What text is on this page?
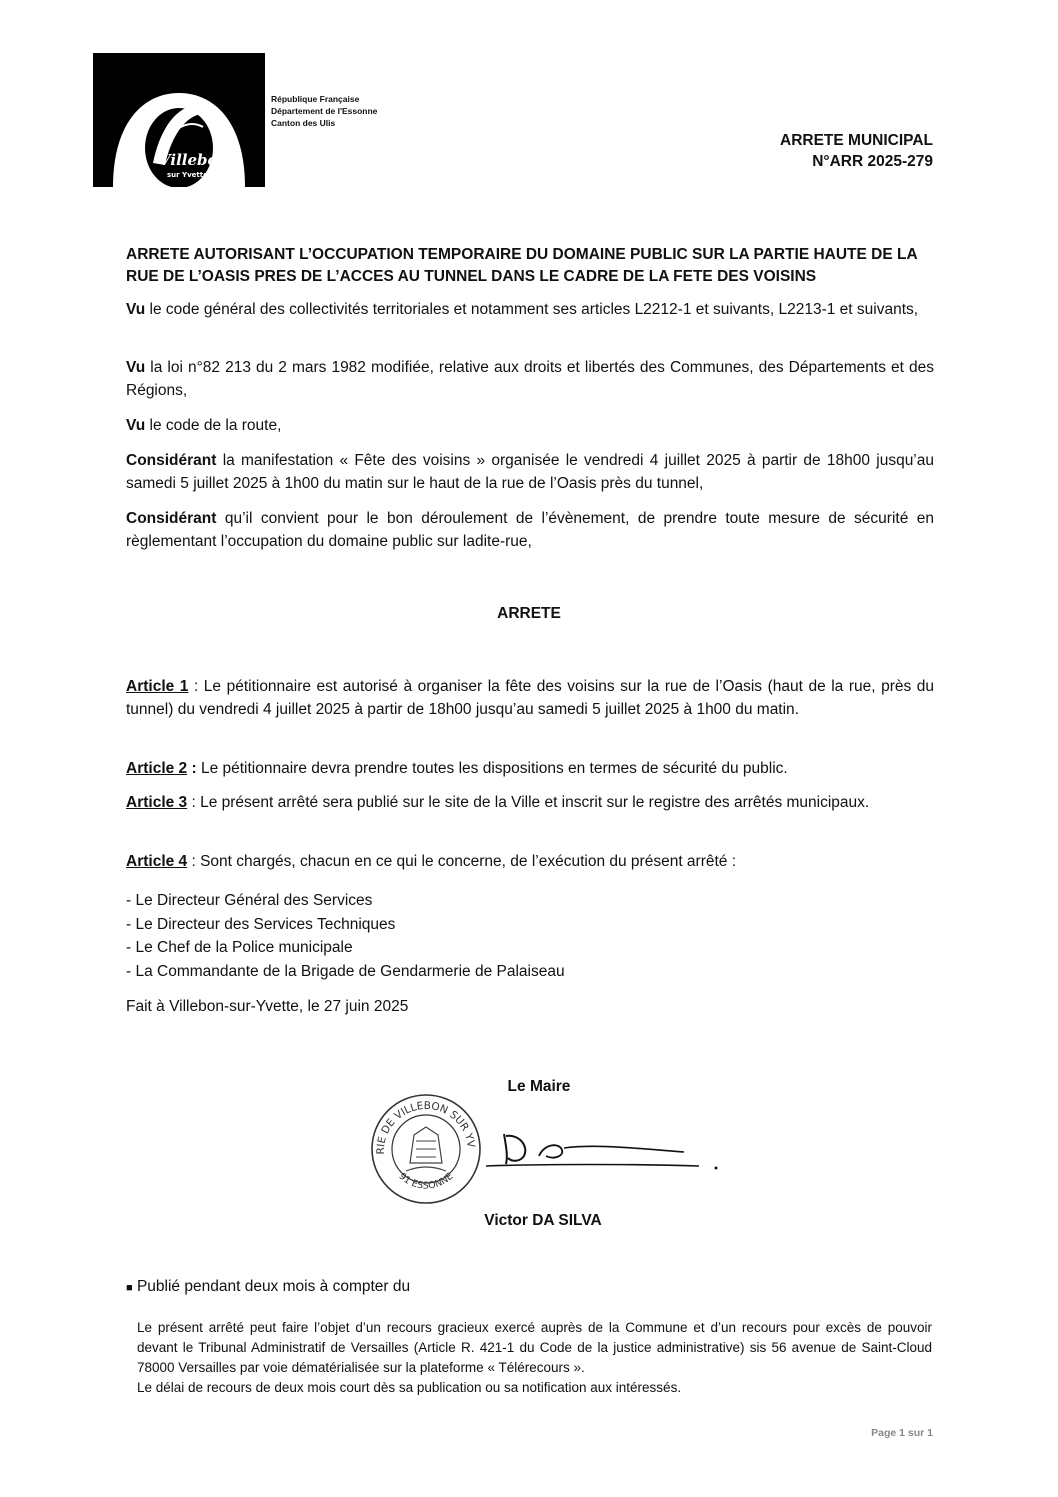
Villebon
sur Yvette
République Française
Département de l'Essonne
Canton des Ulis
ARRETE MUNICIPAL
N°ARR 2025-279
ARRETE AUTORISANT L’OCCUPATION TEMPORAIRE DU DOMAINE PUBLIC SUR LA PARTIE HAUTE DE LA RUE DE L’OASIS PRES DE L’ACCES AU TUNNEL DANS LE CADRE DE LA FETE DES VOISINS
Vu le code général des collectivités territoriales et notamment ses articles L2212-1 et suivants, L2213-1 et suivants,
Vu la loi n°82 213 du 2 mars 1982 modifiée, relative aux droits et libertés des Communes, des Départements et des Régions,
Vu le code de la route,
Considérant la manifestation « Fête des voisins » organisée le vendredi 4 juillet 2025 à partir de 18h00 jusqu’au samedi 5 juillet 2025 à 1h00 du matin sur le haut de la rue de l’Oasis près du tunnel,
Considérant qu’il convient pour le bon déroulement de l’évènement, de prendre toute mesure de sécurité en règlementant l’occupation du domaine public sur ladite-rue,
ARRETE
Article 1 : Le pétitionnaire est autorisé à organiser la fête des voisins sur la rue de l’Oasis (haut de la rue, près du tunnel) du vendredi 4 juillet 2025 à partir de 18h00 jusqu’au samedi 5 juillet 2025 à 1h00 du matin.
Article 2 : Le pétitionnaire devra prendre toutes les dispositions en termes de sécurité du public.
Article 3 : Le présent arrêté sera publié sur le site de la Ville et inscrit sur le registre des arrêtés municipaux.
Article 4 : Sont chargés, chacun en ce qui le concerne, de l’exécution du présent arrêté :
- Le Directeur Général des Services
- Le Directeur des Services Techniques
- Le Chef de la Police municipale
- La Commandante de la Brigade de Gendarmerie de Palaiseau
Fait à Villebon-sur-Yvette, le 27 juin 2025
Le Maire
RIE DE VILLEBON SUR YV
91 ESSONNE
Victor DA SILVA
■ Publié pendant deux mois à compter du
Le présent arrêté peut faire l’objet d’un recours gracieux exercé auprès de la Commune et d’un recours pour excès de pouvoir devant le Tribunal Administratif de Versailles (Article R. 421-1 du Code de la justice administrative) sis 56 avenue de Saint-Cloud 78000 Versailles par voie dématérialisée sur la plateforme « Télérecours ».
Le délai de recours de deux mois court dès sa publication ou sa notification aux intéressés.
Page 1 sur 1
